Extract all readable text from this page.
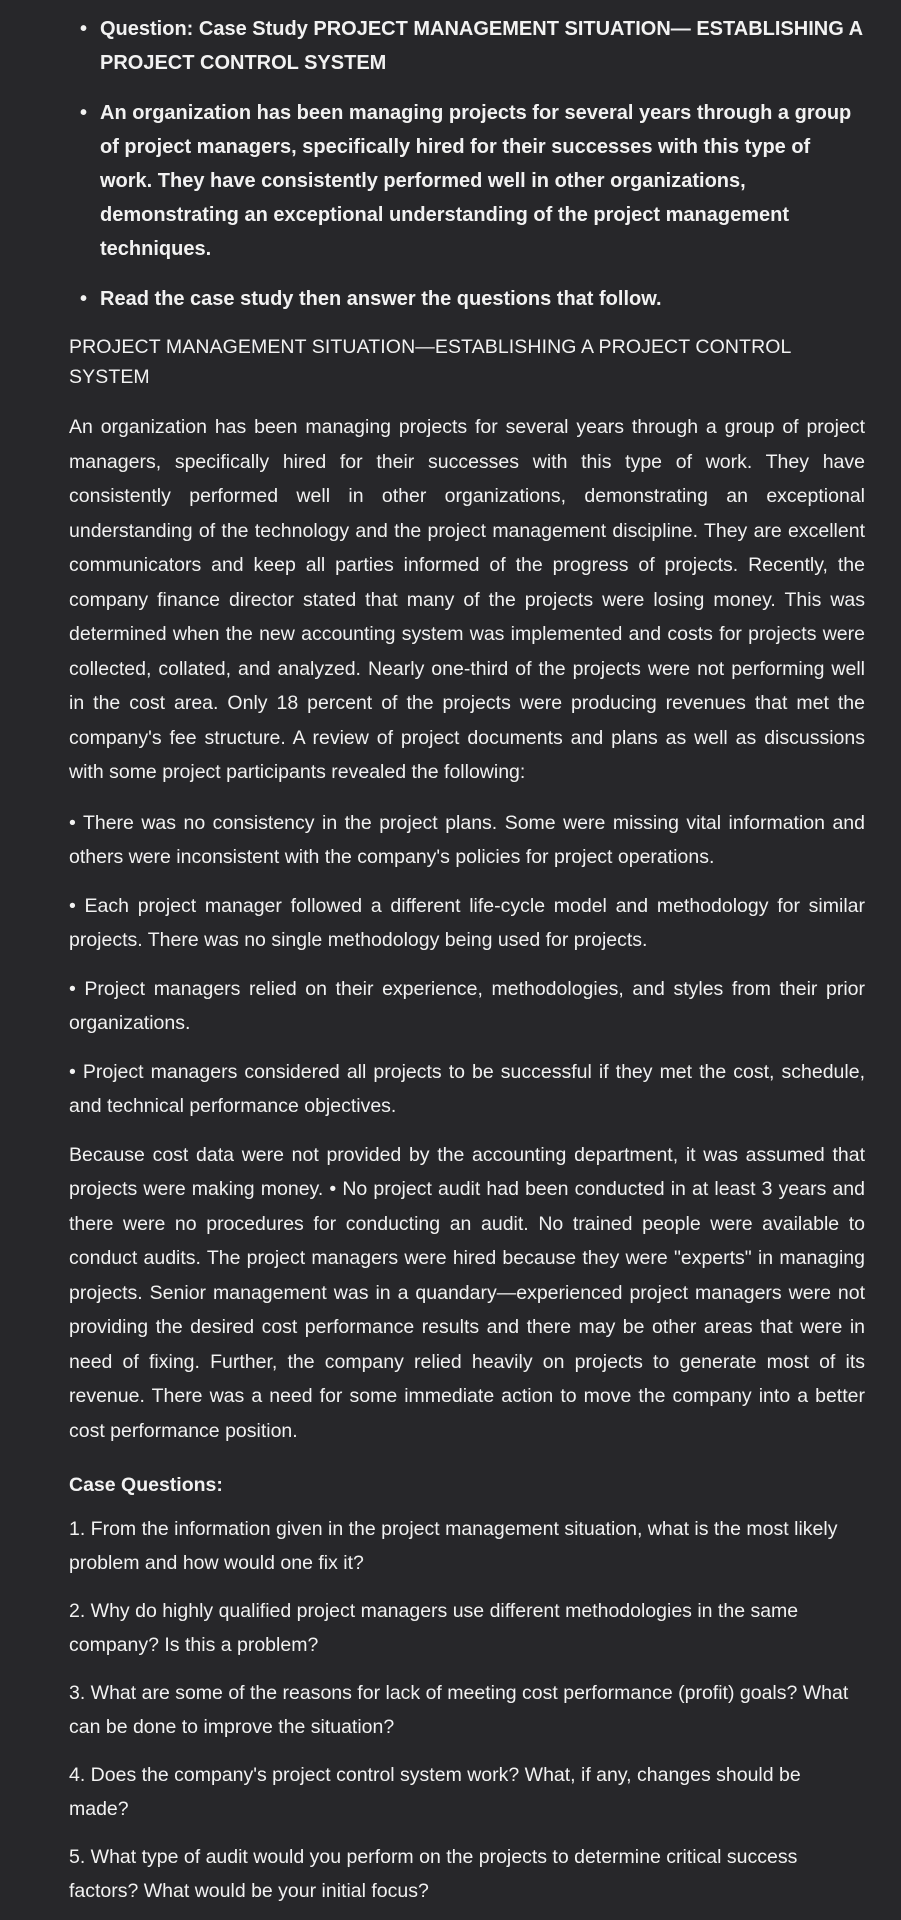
• Question: Case Study PROJECT MANAGEMENT SITUATION— ESTABLISHING A
PROJECT CONTROL SYSTEM
• An organization has been managing projects for several years through a group
of project managers, specifically hired for their successes with this type of
work. They have consistently performed well in other organizations,
demonstrating an exceptional understanding of the project management
techniques.
• Read the case study then answer the questions that follow.
PROJECT MANAGEMENT SITUATION—ESTABLISHING A PROJECT CONTROL SYSTEM

An organization has been managing projects for several years through a group of project managers, specifically hired for their successes with this type of work. They have consistently performed well in other organizations, demonstrating an exceptional understanding of the technology and the project management discipline. They are excellent communicators and keep all parties informed of the progress of projects. Recently, the company finance director stated that many of the projects were losing money. This was determined when the new accounting system was implemented and costs for projects were collected, collated, and analyzed. Nearly one-third of the projects were not performing well in the cost area. Only 18 percent of the projects were producing revenues that met the company's fee structure. A review of project documents and plans as well as discussions with some project participants revealed the following:

• There was no consistency in the project plans. Some were missing vital information and others were inconsistent with the company's policies for project operations.

• Each project manager followed a different life-cycle model and methodology for similar projects. There was no single methodology being used for projects.

• Project managers relied on their experience, methodologies, and styles from their prior organizations.

• Project managers considered all projects to be successful if they met the cost, schedule, and technical performance objectives.

Because cost data were not provided by the accounting department, it was assumed that projects were making money. • No project audit had been conducted in at least 3 years and there were no procedures for conducting an audit. No trained people were available to conduct audits. The project managers were hired because they were "experts" in managing projects. Senior management was in a quandary—experienced project managers were not providing the desired cost performance results and there may be other areas that were in need of fixing. Further, the company relied heavily on projects to generate most of its revenue. There was a need for some immediate action to move the company into a better cost performance position.

Case Questions:

1. From the information given in the project management situation, what is the most likely problem and how would one fix it?

2. Why do highly qualified project managers use different methodologies in the same company? Is this a problem?

3. What are some of the reasons for lack of meeting cost performance (profit) goals? What can be done to improve the situation?

4. Does the company's project control system work? What, if any, changes should be made?

5. What type of audit would you perform on the projects to determine critical success factors? What would be your initial focus?
